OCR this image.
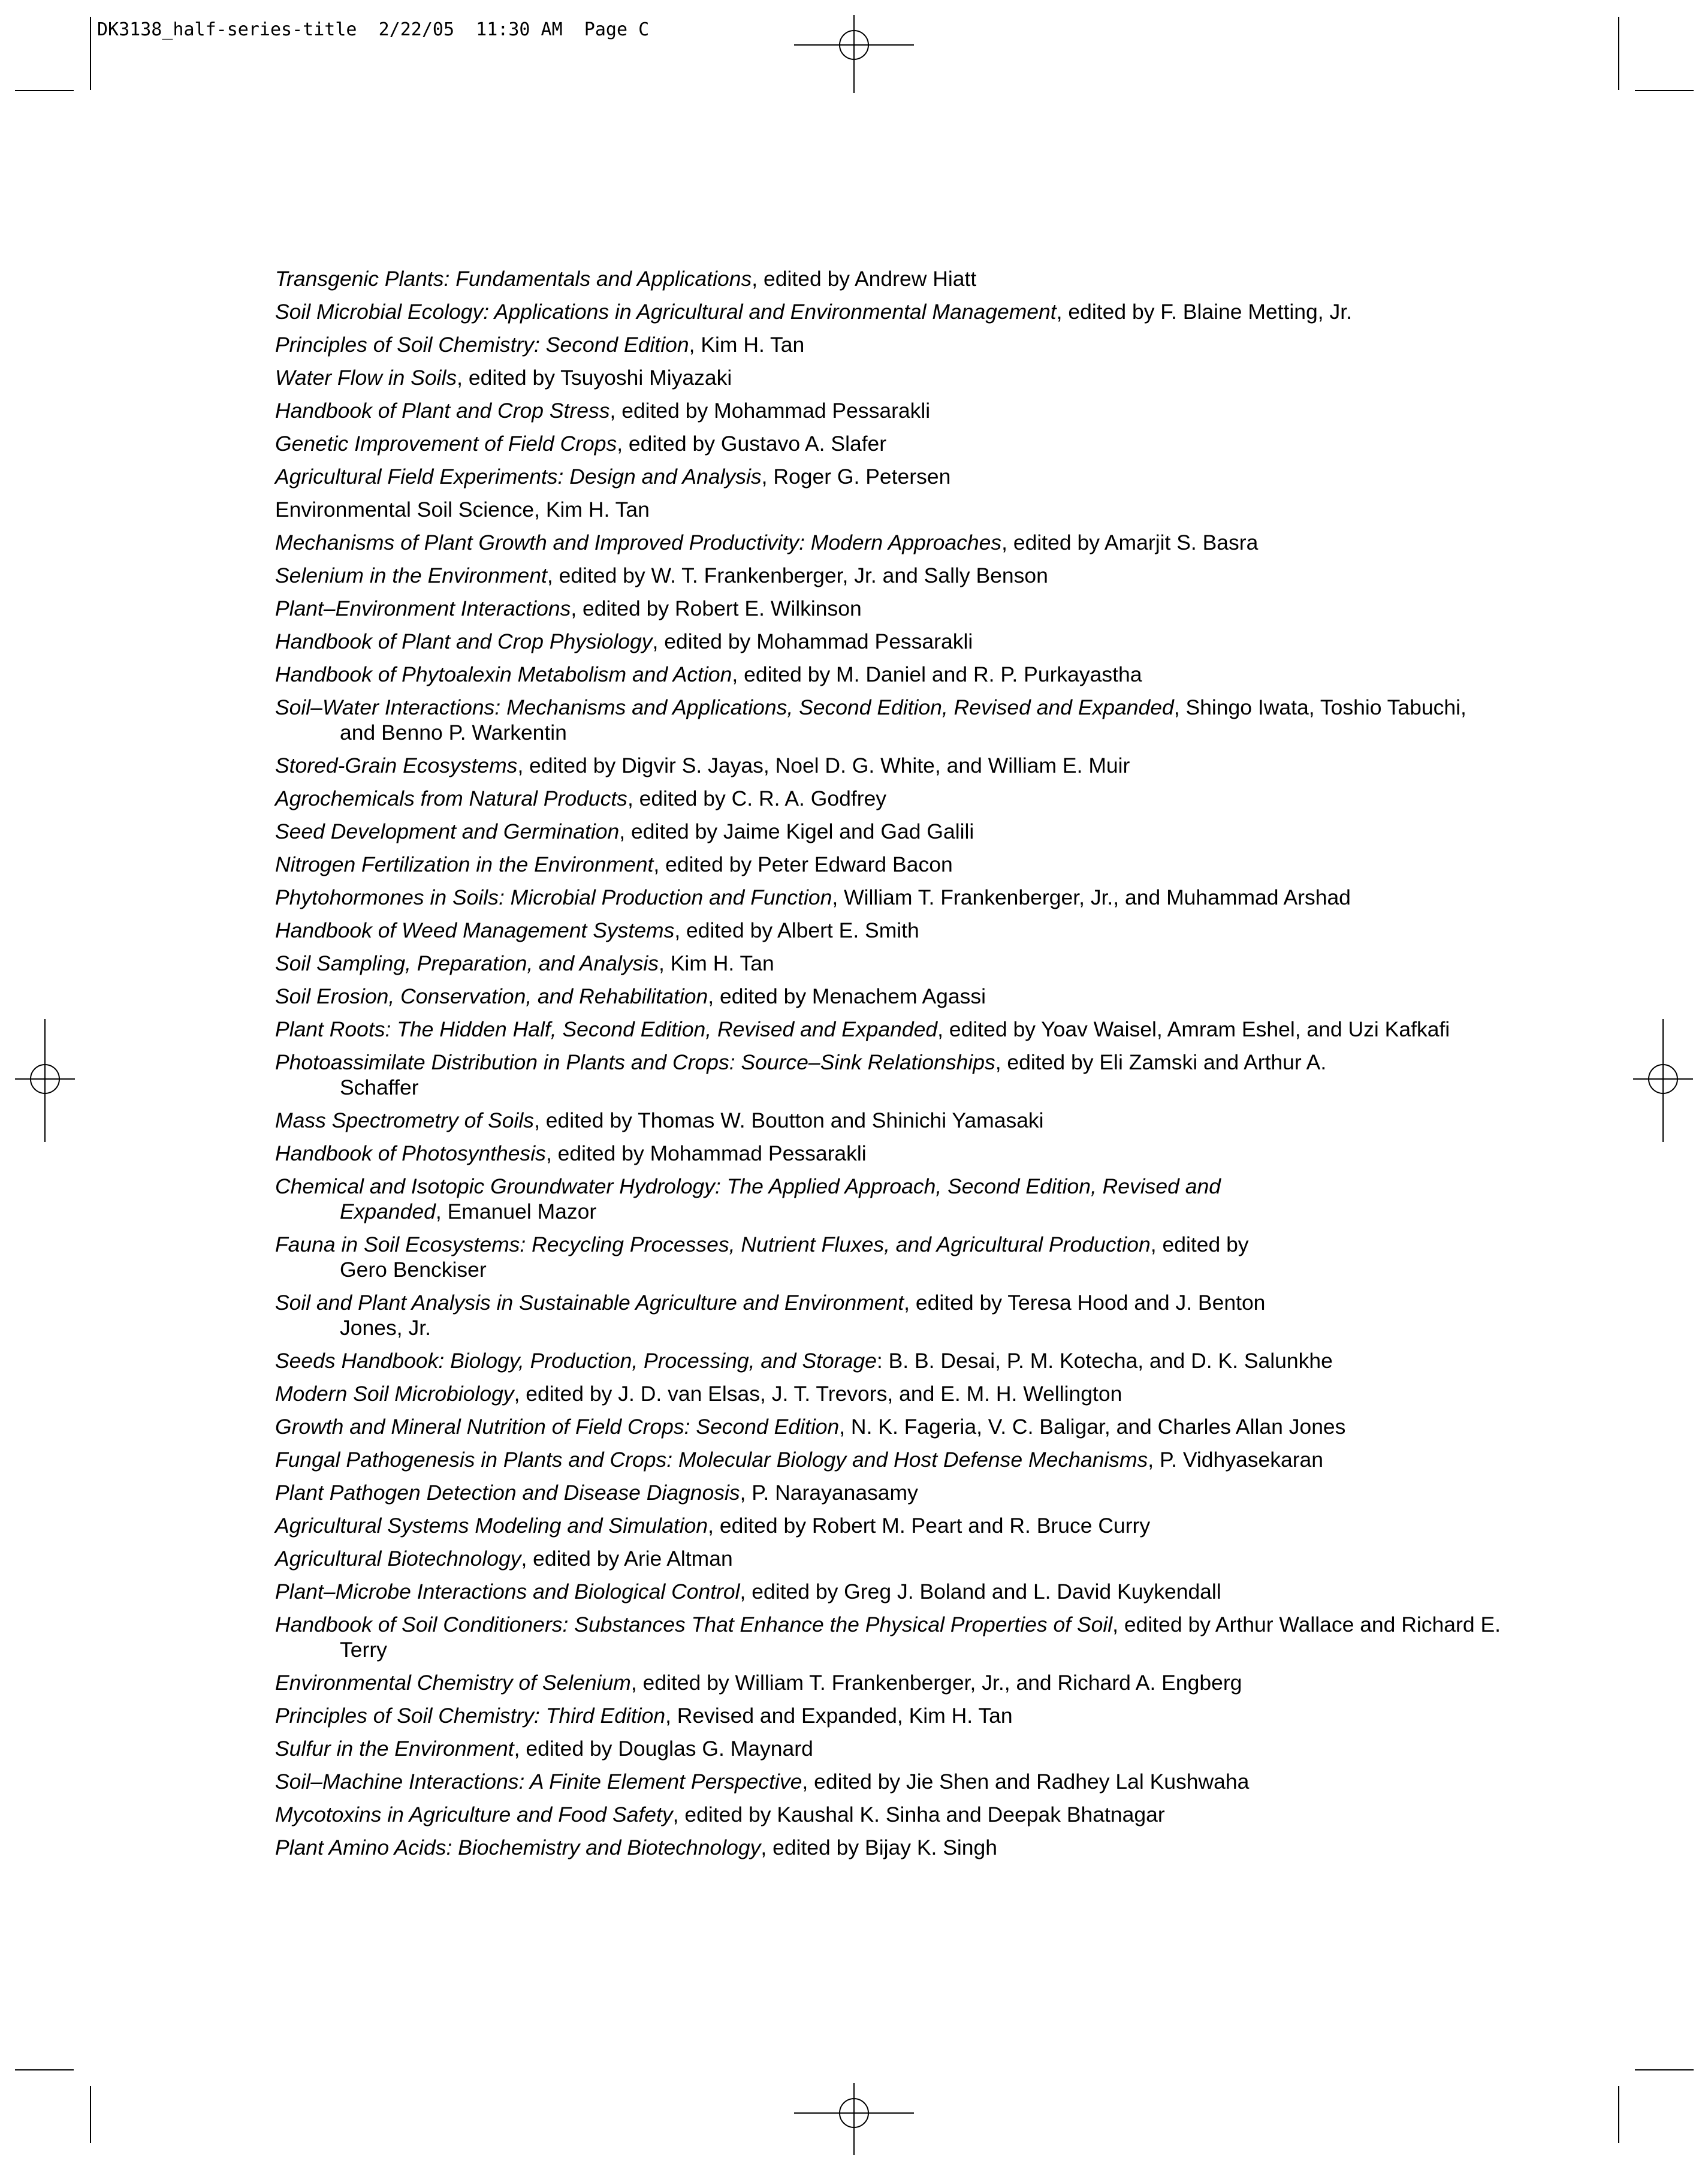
DK3138_half-series-title  2/22/05  11:30 AM  Page C

Transgenic Plants: Fundamentals and Applications, edited by Andrew Hiatt

Soil Microbial Ecology: Applications in Agricultural and Environmental Management, edited by F. Blaine Metting, Jr.

Principles of Soil Chemistry: Second Edition, Kim H. Tan

Water Flow in Soils, edited by Tsuyoshi Miyazaki

Handbook of Plant and Crop Stress, edited by Mohammad Pessarakli

Genetic Improvement of Field Crops, edited by Gustavo A. Slafer

Agricultural Field Experiments: Design and Analysis, Roger G. Petersen

Environmental Soil Science, Kim H. Tan

Mechanisms of Plant Growth and Improved Productivity: Modern Approaches, edited by Amarjit S. Basra

Selenium in the Environment, edited by W. T. Frankenberger, Jr. and Sally Benson

Plant–Environment Interactions, edited by Robert E. Wilkinson

Handbook of Plant and Crop Physiology, edited by Mohammad Pessarakli

Handbook of Phytoalexin Metabolism and Action, edited by M. Daniel and R. P. Purkayastha

Soil–Water Interactions: Mechanisms and Applications, Second Edition, Revised and Expanded, Shingo Iwata, Toshio Tabuchi, and Benno P. Warkentin

Stored-Grain Ecosystems, edited by Digvir S. Jayas, Noel D. G. White, and William E. Muir

Agrochemicals from Natural Products, edited by C. R. A. Godfrey

Seed Development and Germination, edited by Jaime Kigel and Gad Galili

Nitrogen Fertilization in the Environment, edited by Peter Edward Bacon

Phytohormones in Soils: Microbial Production and Function, William T. Frankenberger, Jr., and Muhammad Arshad

Handbook of Weed Management Systems, edited by Albert E. Smith

Soil Sampling, Preparation, and Analysis, Kim H. Tan

Soil Erosion, Conservation, and Rehabilitation, edited by Menachem Agassi

Plant Roots: The Hidden Half, Second Edition, Revised and Expanded, edited by Yoav Waisel, Amram Eshel, and Uzi Kafkafi

Photoassimilate Distribution in Plants and Crops: Source–Sink Relationships, edited by Eli Zamski and Arthur A. Schaffer

Mass Spectrometry of Soils, edited by Thomas W. Boutton and Shinichi Yamasaki

Handbook of Photosynthesis, edited by Mohammad Pessarakli

Chemical and Isotopic Groundwater Hydrology: The Applied Approach, Second Edition, Revised and Expanded, Emanuel Mazor

Fauna in Soil Ecosystems: Recycling Processes, Nutrient Fluxes, and Agricultural Production, edited by Gero Benckiser

Soil and Plant Analysis in Sustainable Agriculture and Environment, edited by Teresa Hood and J. Benton Jones, Jr.

Seeds Handbook: Biology, Production, Processing, and Storage: B. B. Desai, P. M. Kotecha, and D. K. Salunkhe

Modern Soil Microbiology, edited by J. D. van Elsas, J. T. Trevors, and E. M. H. Wellington

Growth and Mineral Nutrition of Field Crops: Second Edition, N. K. Fageria, V. C. Baligar, and Charles Allan Jones

Fungal Pathogenesis in Plants and Crops: Molecular Biology and Host Defense Mechanisms, P. Vidhyasekaran

Plant Pathogen Detection and Disease Diagnosis, P. Narayanasamy

Agricultural Systems Modeling and Simulation, edited by Robert M. Peart and R. Bruce Curry

Agricultural Biotechnology, edited by Arie Altman

Plant–Microbe Interactions and Biological Control, edited by Greg J. Boland and L. David Kuykendall

Handbook of Soil Conditioners: Substances That Enhance the Physical Properties of Soil, edited by Arthur Wallace and Richard E. Terry

Environmental Chemistry of Selenium, edited by William T. Frankenberger, Jr., and Richard A. Engberg

Principles of Soil Chemistry: Third Edition, Revised and Expanded, Kim H. Tan

Sulfur in the Environment, edited by Douglas G. Maynard

Soil–Machine Interactions: A Finite Element Perspective, edited by Jie Shen and Radhey Lal Kushwaha

Mycotoxins in Agriculture and Food Safety, edited by Kaushal K. Sinha and Deepak Bhatnagar

Plant Amino Acids: Biochemistry and Biotechnology, edited by Bijay K. Singh
